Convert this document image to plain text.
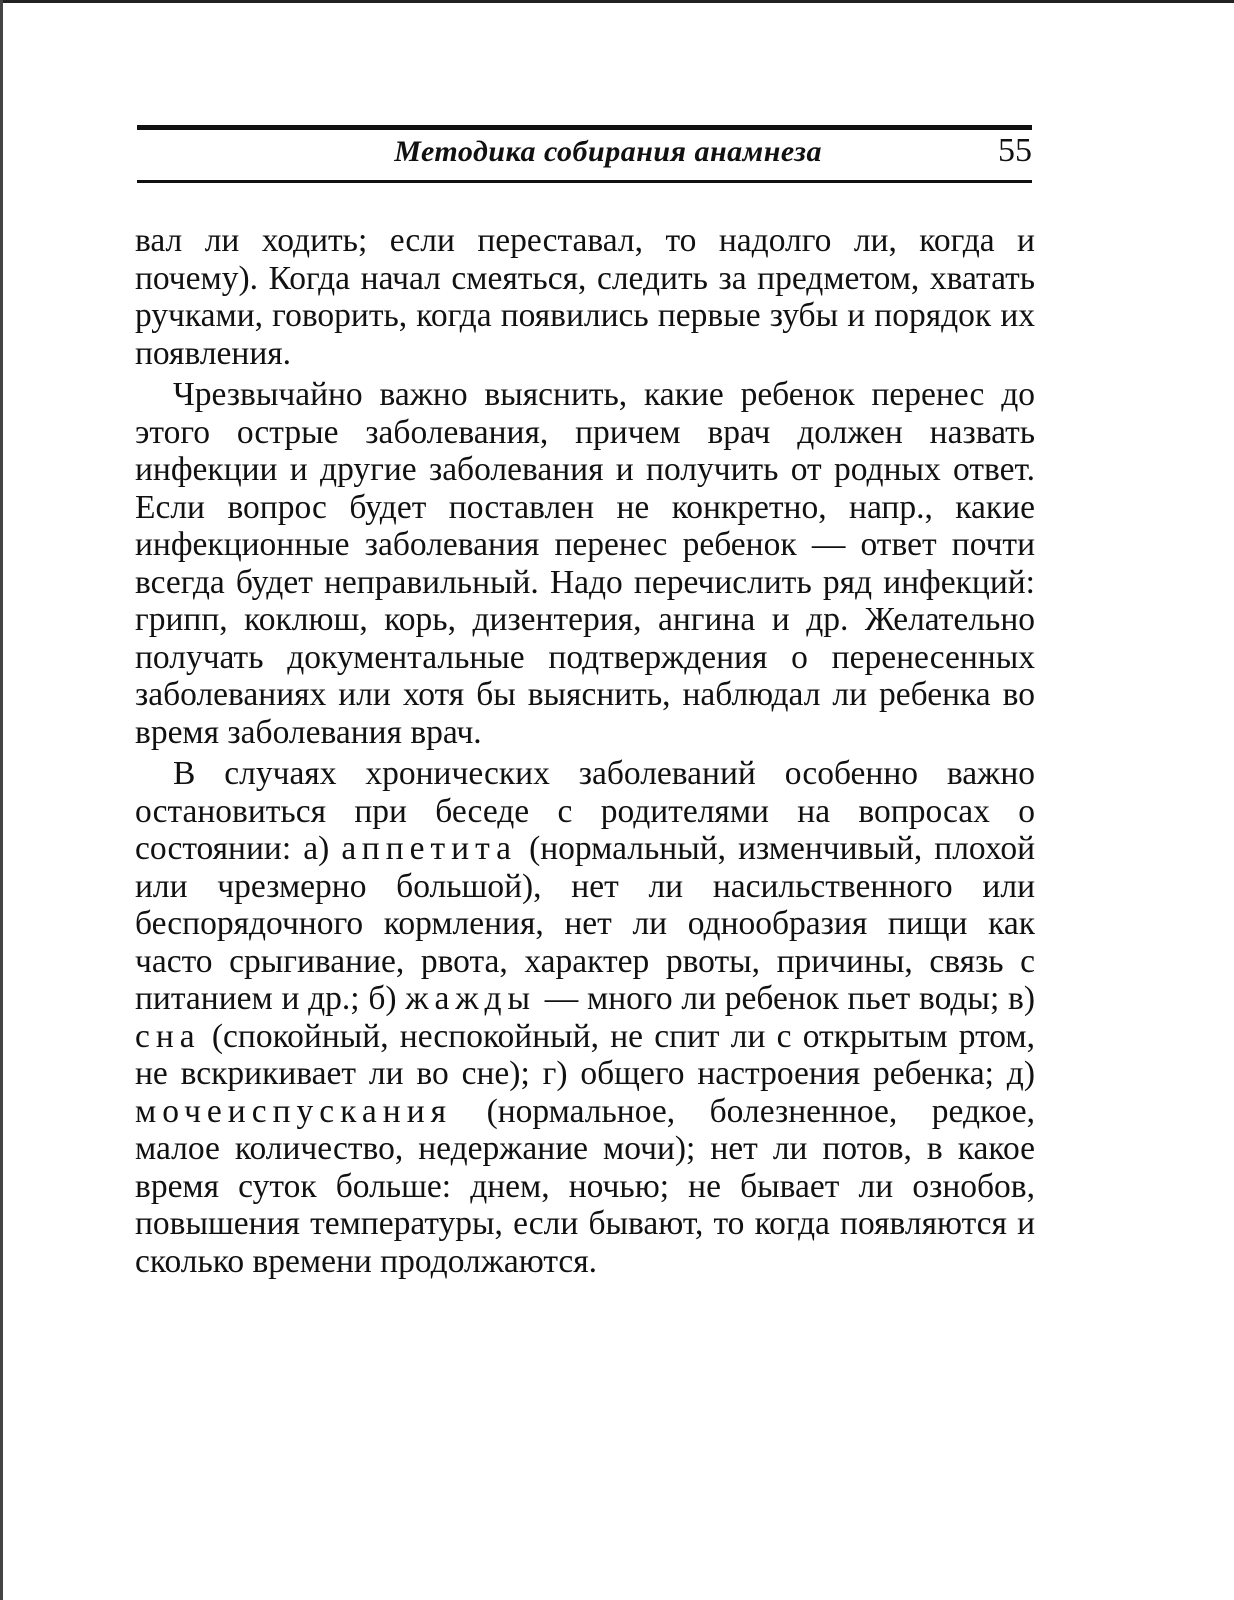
Методика собирания анамнеза	55

вал ли ходить; если переставал, то надолго ли, когда и почему). Когда начал смеяться, следить за предметом, хватать ручками, говорить, когда появились первые зубы и порядок их появления.

Чрезвычайно важно выяснить, какие ребенок перенес до этого острые заболевания, причем врач должен назвать инфекции и другие заболевания и получить от родных ответ. Если вопрос будет поставлен не конкретно, напр., какие инфекционные заболевания перенес ребенок — ответ почти всегда будет неправильный. Надо перечислить ряд инфекций: грипп, коклюш, корь, дизентерия, ангина и др. Желательно получать документальные подтверждения о перенесенных заболеваниях или хотя бы выяснить, наблюдал ли ребенка во время заболевания врач.

В случаях хронических заболеваний особенно важно остановиться при беседе с родителями на вопросах о состоянии: а) аппетита (нормальный, изменчивый, плохой или чрезмерно большой), нет ли насильственного или беспорядочного кормления, нет ли однообразия пищи как часто срыгивание, рвота, характер рвоты, причины, связь с питанием и др.; б) жажды — много ли ребенок пьет воды; в) сна (спокойный, неспокойный, не спит ли с открытым ртом, не вскрикивает ли во сне); г) общего настроения ребенка; д) мочеиспускания (нормальное, болезненное, редкое, малое количество, недержание мочи); нет ли потов, в какое время суток больше: днем, ночью; не бывает ли ознобов, повышения температуры, если бывают, то когда появляются и сколько времени продолжаются.
